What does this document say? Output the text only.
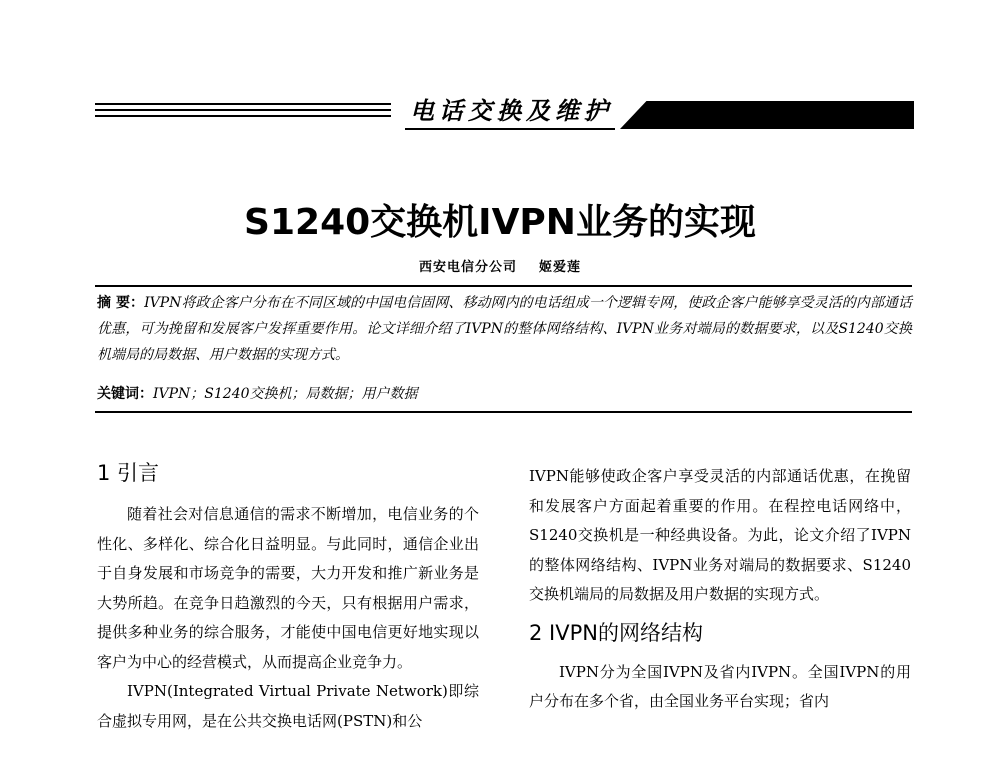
电话交换及维护
S1240交换机IVPN业务的实现
西安电信分公司    姬爱莲
摘 要：IVPN将政企客户分布在不同区域的中国电信固网、移动网内的电话组成一个逻辑专网，使政企客户能够享受灵活的内部通话优惠，可为挽留和发展客户发挥重要作用。论文详细介绍了IVPN的整体网络结构、IVPN业务对端局的数据要求，以及S1240交换机端局的局数据、用户数据的实现方式。
关键词：IVPN；S1240交换机；局数据；用户数据
1 引言

随着社会对信息通信的需求不断增加，电信业务的个性化、多样化、综合化日益明显。与此同时，通信企业出于自身发展和市场竞争的需要，大力开发和推广新业务是大势所趋。在竞争日趋激烈的今天，只有根据用户需求，提供多种业务的综合服务，才能使中国电信更好地实现以客户为中心的经营模式，从而提高企业竞争力。

IVPN(Integrated Virtual Private Network)即综合虚拟专用网，是在公共交换电话网(PSTN)和公

IVPN能够使政企客户享受灵活的内部通话优惠，在挽留和发展客户方面起着重要的作用。在程控电话网络中，S1240交换机是一种经典设备。为此，论文介绍了IVPN的整体网络结构、IVPN业务对端局的数据要求、S1240交换机端局的局数据及用户数据的实现方式。

2 IVPN的网络结构

IVPN分为全国IVPN及省内IVPN。全国IVPN的用户分布在多个省，由全国业务平台实现；省内
